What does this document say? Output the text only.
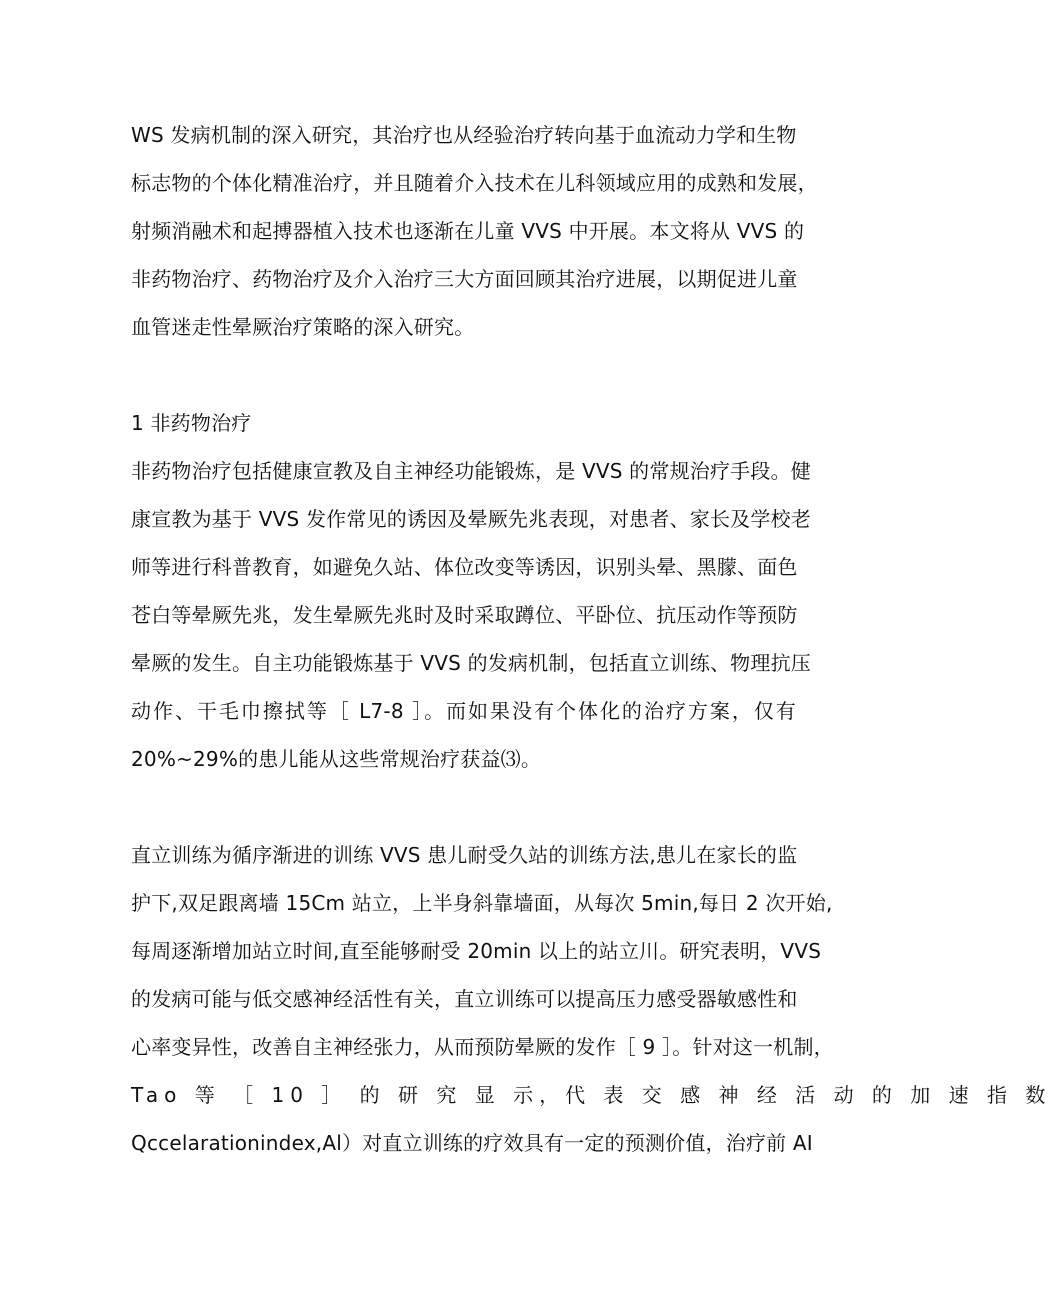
WS 发病机制的深入研究，其治疗也从经验治疗转向基于血流动力学和生物
标志物的个体化精准治疗，并且随着介入技术在儿科领域应用的成熟和发展，
射频消融术和起搏器植入技术也逐渐在儿童 VVS 中开展。本文将从 VVS 的
非药物治疗、药物治疗及介入治疗三大方面回顾其治疗进展，以期促进儿童
血管迷走性晕厥治疗策略的深入研究。
1 非药物治疗
非药物治疗包括健康宣教及自主神经功能锻炼，是 VVS 的常规治疗手段。健
康宣教为基于 VVS 发作常见的诱因及晕厥先兆表现，对患者、家长及学校老
师等进行科普教育，如避免久站、体位改变等诱因，识别头晕、黑朦、面色
苍白等晕厥先兆，发生晕厥先兆时及时采取蹲位、平卧位、抗压动作等预防
晕厥的发生。自主功能锻炼基于 VVS 的发病机制，包括直立训练、物理抗压
动作、干毛巾擦拭等［ L7-8 ］。而如果没有个体化的治疗方案，仅有
20%~29%的患儿能从这些常规治疗获益⑶。
直立训练为循序渐进的训练 VVS 患儿耐受久站的训练方法,患儿在家长的监
护下,双足跟离墙 15Cm 站立，上半身斜靠墙面，从每次 5min,每日 2 次开始,
每周逐渐增加站立时间,直至能够耐受 20min 以上的站立川。研究表明，VVS
的发病可能与低交感神经活性有关，直立训练可以提高压力感受器敏感性和
心率变异性，改善自主神经张力，从而预防晕厥的发作［ 9 ］。针对这一机制，
Tao 等 ［ 10 ］ 的 研 究 显 示，代 表 交 感 神 经 活 动 的 加 速 指 数
Qccelarationindex,Al）对直立训练的疗效具有一定的预测价值，治疗前 AI
